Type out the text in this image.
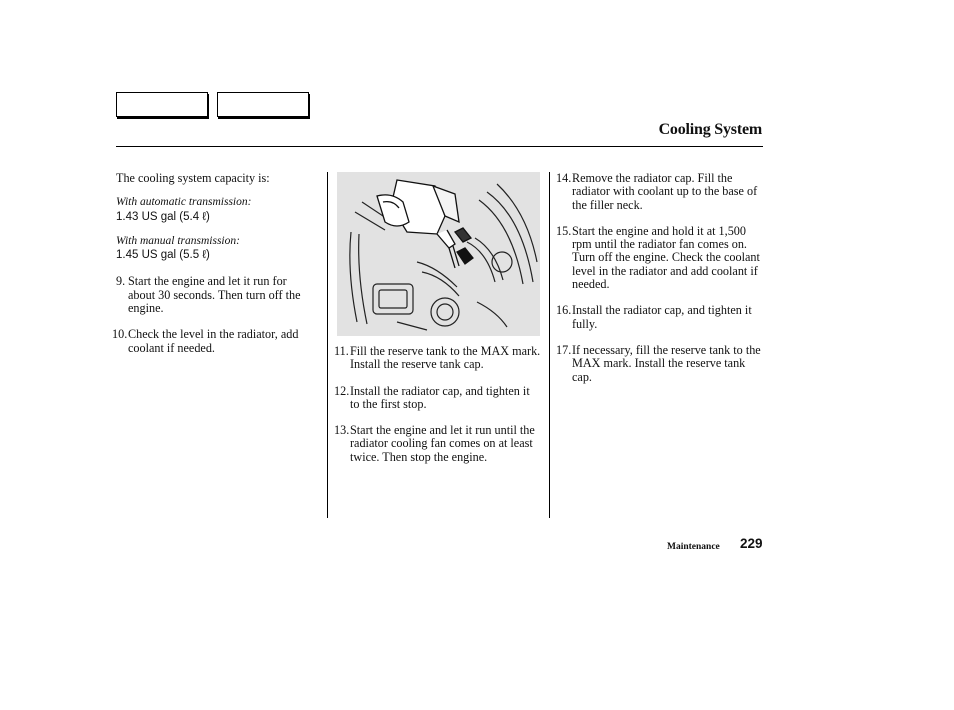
Cooling System

The cooling system capacity is:

With automatic transmission:

1.43 US gal (5.4 ℓ)

With manual transmission:

1.45 US gal (5.5 ℓ)

9. Start the engine and let it run for about 30 seconds. Then turn off the engine.
10. Check the level in the radiator, add coolant if needed.	11. Fill the reserve tank to the MAX mark. Install the reserve tank cap.
12. Install the radiator cap, and tighten it to the first stop.
13. Start the engine and let it run until the radiator cooling fan comes on at least twice. Then stop the engine.
14. Remove the radiator cap. Fill the radiator with coolant up to the base of the filler neck.
15. Start the engine and hold it at 1,500 rpm until the radiator fan comes on. Turn off the engine. Check the coolant level in the radiator and add coolant if needed.
16. Install the radiator cap, and tighten it fully.
17. If necessary, fill the reserve tank to the MAX mark. Install the reserve tank cap.
Maintenance 229
